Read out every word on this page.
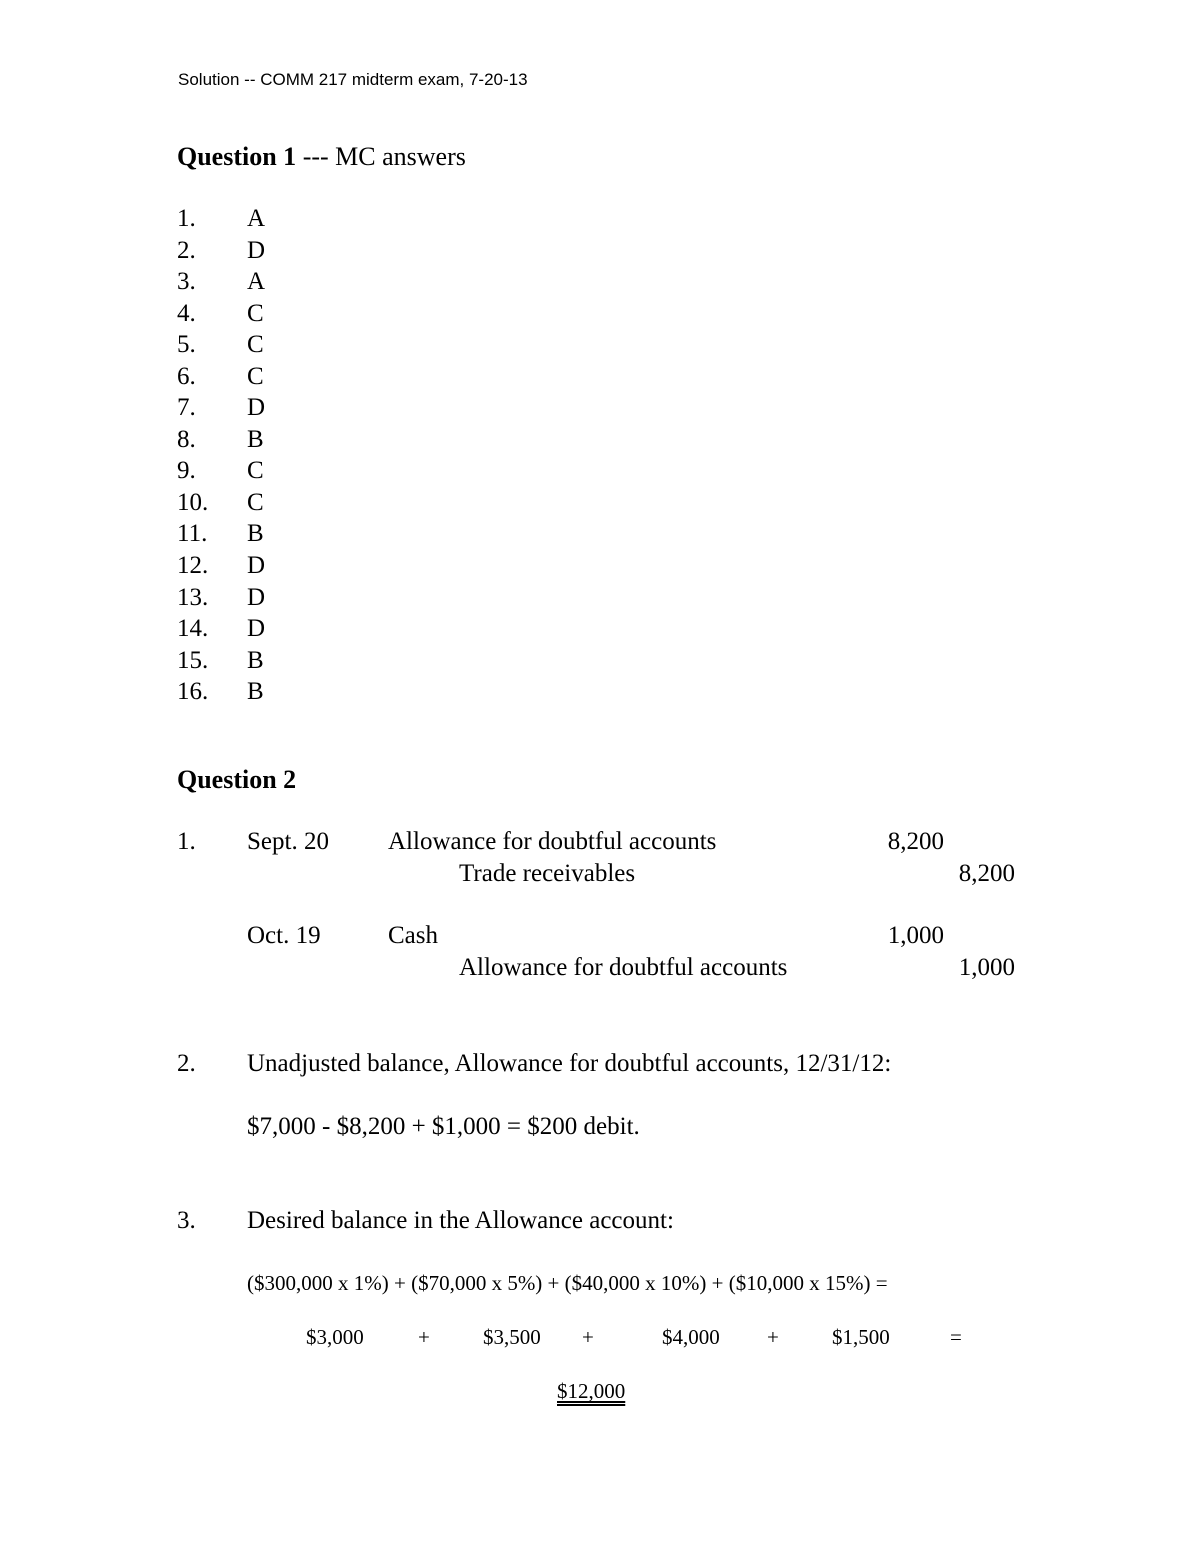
Solution -- COMM 217 midterm exam, 7-20-13
Question 1 --- MC answers
1. A
2. D
3. A
4. C
5. C
6. C
7. D
8. B
9. C
10. C
11. B
12. D
13. D
14. D
15. B
16. B
Question 2
1. Sept. 20 Allowance for doubtful accounts	8,200
Trade receivables	8,200
Oct. 19	Cash	1,000
Allowance for doubtful accounts	1,000
2. Unadjusted balance, Allowance for doubtful accounts, 12/31/12:
$7,000 - $8,200 + $1,000 = $200 debit.
3. Desired balance in the Allowance account:
($300,000 x 1%) + ($70,000 x 5%) + ($40,000 x 10%) + ($10,000 x 15%) =
$3,000	+	$3,500 +	$4,000 +	$1,500	=
$12,000
